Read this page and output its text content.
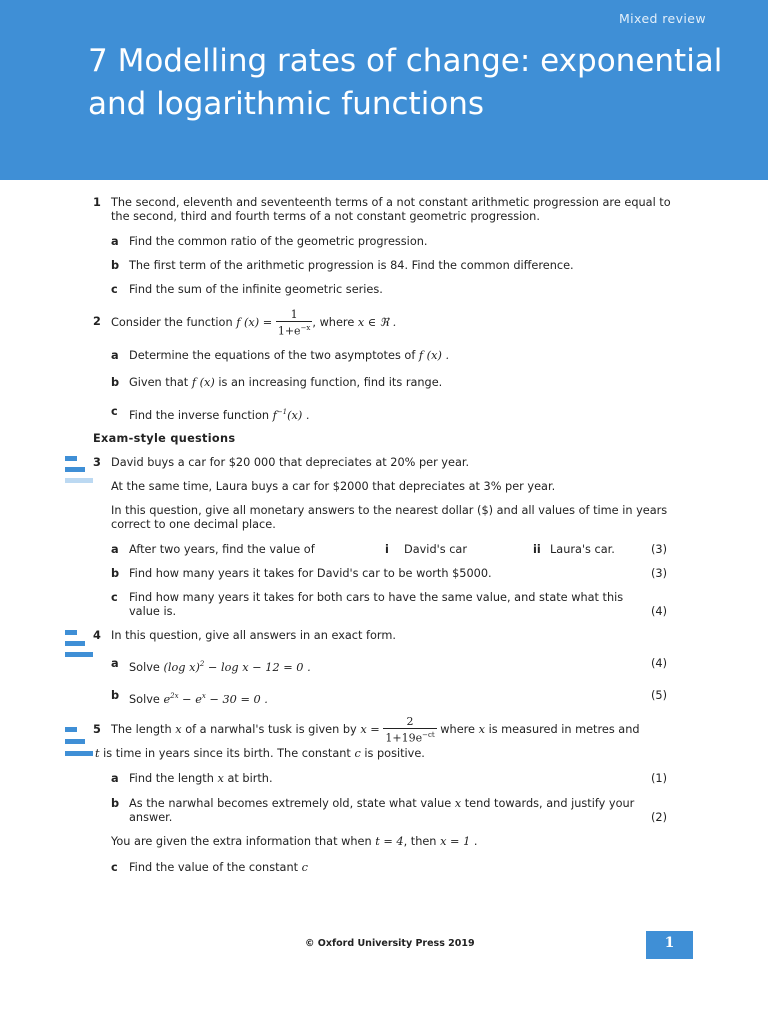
Mixed review
7 Modelling rates of change: exponential and logarithmic functions
1 The second, eleventh and seventeenth terms of a not constant arithmetic progression are equal to the second, third and fourth terms of a not constant geometric progression.
a Find the common ratio of the geometric progression.
b The first term of the arithmetic progression is 84. Find the common difference.
c Find the sum of the infinite geometric series.
2 Consider the function f $(x) = \frac{1}{1+e^{-x}}$ , where x ∈ ℜ .
a Determine the equations of the two asymptotes of f (x) .
b Given that f (x) is an increasing function, find its range.
c Find the inverse function $f^{-1}(x)$ .
Exam-style questions
3 David buys a car for $20 000 that depreciates at 20% per year.
At the same time, Laura buys a car for $2000 that depreciates at 3% per year.
In this question, give all monetary answers to the nearest dollar ($) and all values of time in years correct to one decimal place.
a After two years, find the value of	i David's car	ii Laura's car.	(3)
b Find how many years it takes for David's car to be worth $5000.	(3)
c Find how many years it takes for both cars to have the same value, and state what this value is.	(4)
4 In this question, give all answers in an exact form.
a Solve (log x)$^2$ − log x − 12 = 0 .	(4)
b Solve $e^{2x} - e^x - 30 = 0$ .	(5)
5 The length x of a narwhal's tusk is given by $x = \frac{2}{1+19e^{-ct}}$ where x is measured in metres and
t is time in years since its birth. The constant c is positive.
a Find the length x at birth.	(1)
b As the narwhal becomes extremely old, state what value x tend towards, and justify your answer.	(2)
You are given the extra information that when t = 4, then x = 1 .
c Find the value of the constant c
© Oxford University Press 2019	1
